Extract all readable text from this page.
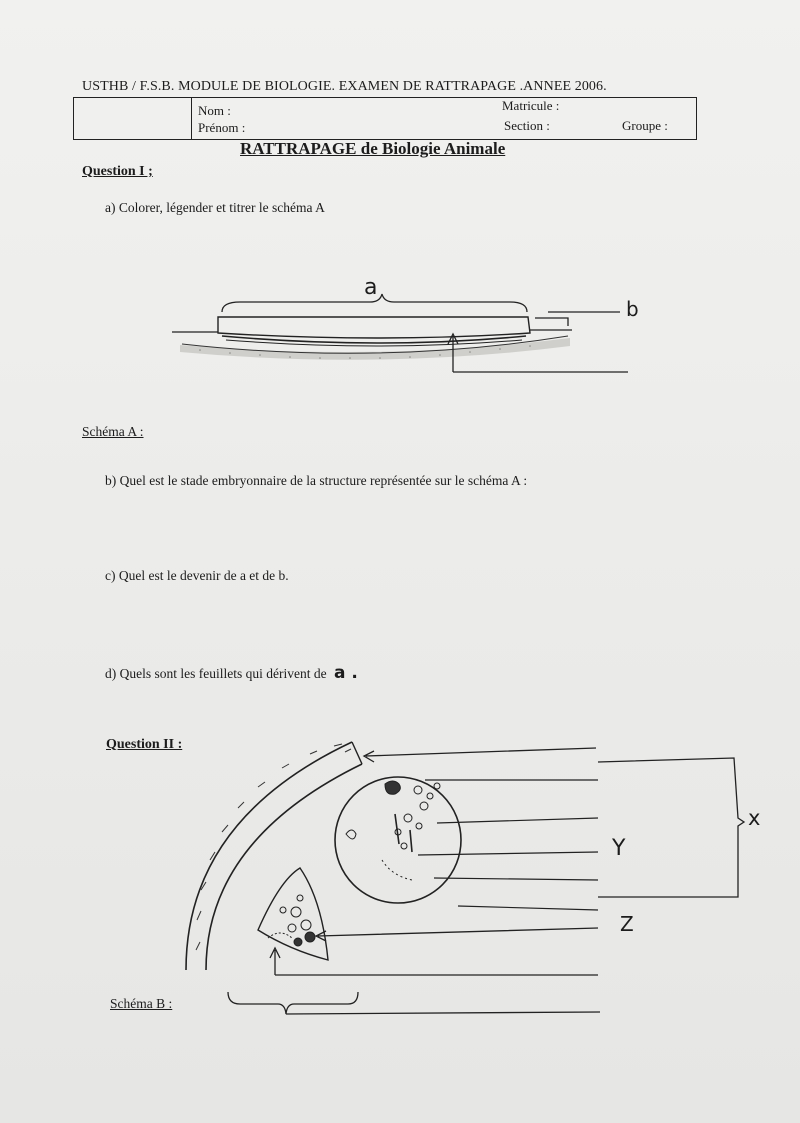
USTHB / F.S.B. MODULE DE BIOLOGIE. EXAMEN DE RATTRAPAGE .ANNEE 2006.
Nom :
Prénom :
Matricule :
Section :	Groupe :
RATTRAPAGE de Biologie Animale
Question I ;
a) Colorer, légender et titrer le schéma A
a
b
Schéma A :
b) Quel est le stade embryonnaire de la structure représentée sur le schéma A :
c) Quel est le devenir de a et de b.
d) Quels sont les feuillets qui dérivent de a .
Question II :
x
Y
Z
Schéma B :
